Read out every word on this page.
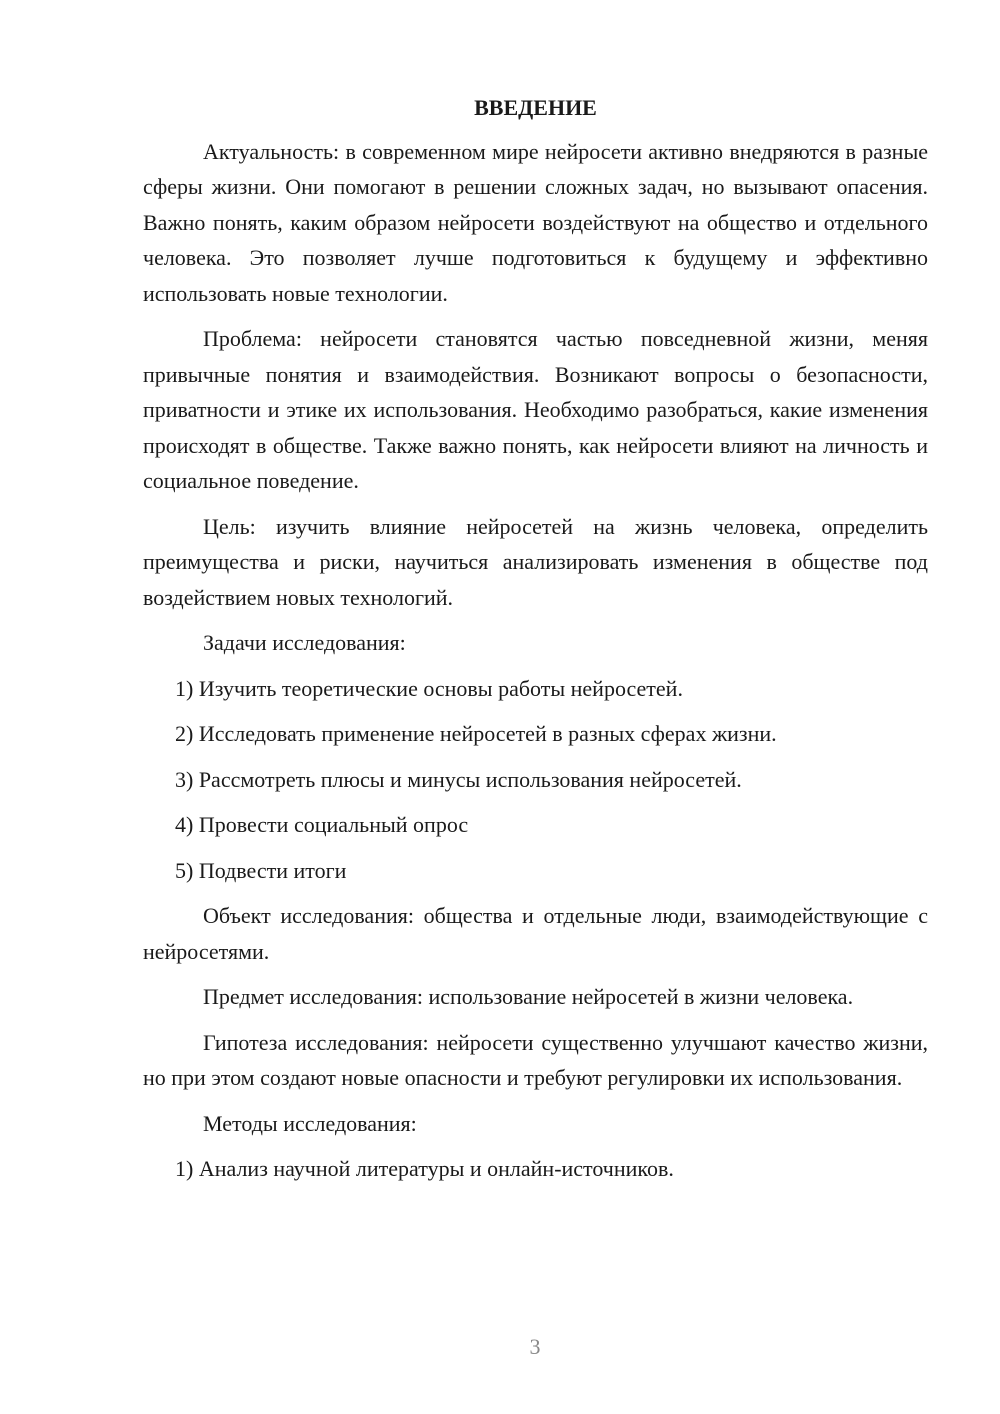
ВВЕДЕНИЕ

Актуальность: в современном мире нейросети активно внедряются в разные сферы жизни. Они помогают в решении сложных задач, но вызывают опасения. Важно понять, каким образом нейросети воздействуют на общество и отдельного человека. Это позволяет лучше подготовиться к будущему и эффективно использовать новые технологии.

Проблема: нейросети становятся частью повседневной жизни, меняя привычные понятия и взаимодействия. Возникают вопросы о безопасности, приватности и этике их использования. Необходимо разобраться, какие изменения происходят в обществе. Также важно понять, как нейросети влияют на личность и социальное поведение.

Цель: изучить влияние нейросетей на жизнь человека, определить преимущества и риски, научиться анализировать изменения в обществе под воздействием новых технологий.

Задачи исследования:

1) Изучить теоретические основы работы нейросетей.
2) Исследовать применение нейросетей в разных сферах жизни.
3) Рассмотреть плюсы и минусы использования нейросетей.
4) Провести социальный опрос
5) Подвести итоги

Объект исследования: общества и отдельные люди, взаимодействующие с нейросетями.

Предмет исследования: использование нейросетей в жизни человека.

Гипотеза исследования: нейросети существенно улучшают качество жизни, но при этом создают новые опасности и требуют регулировки их использования.

Методы исследования:

1) Анализ научной литературы и онлайн-источников.
3
